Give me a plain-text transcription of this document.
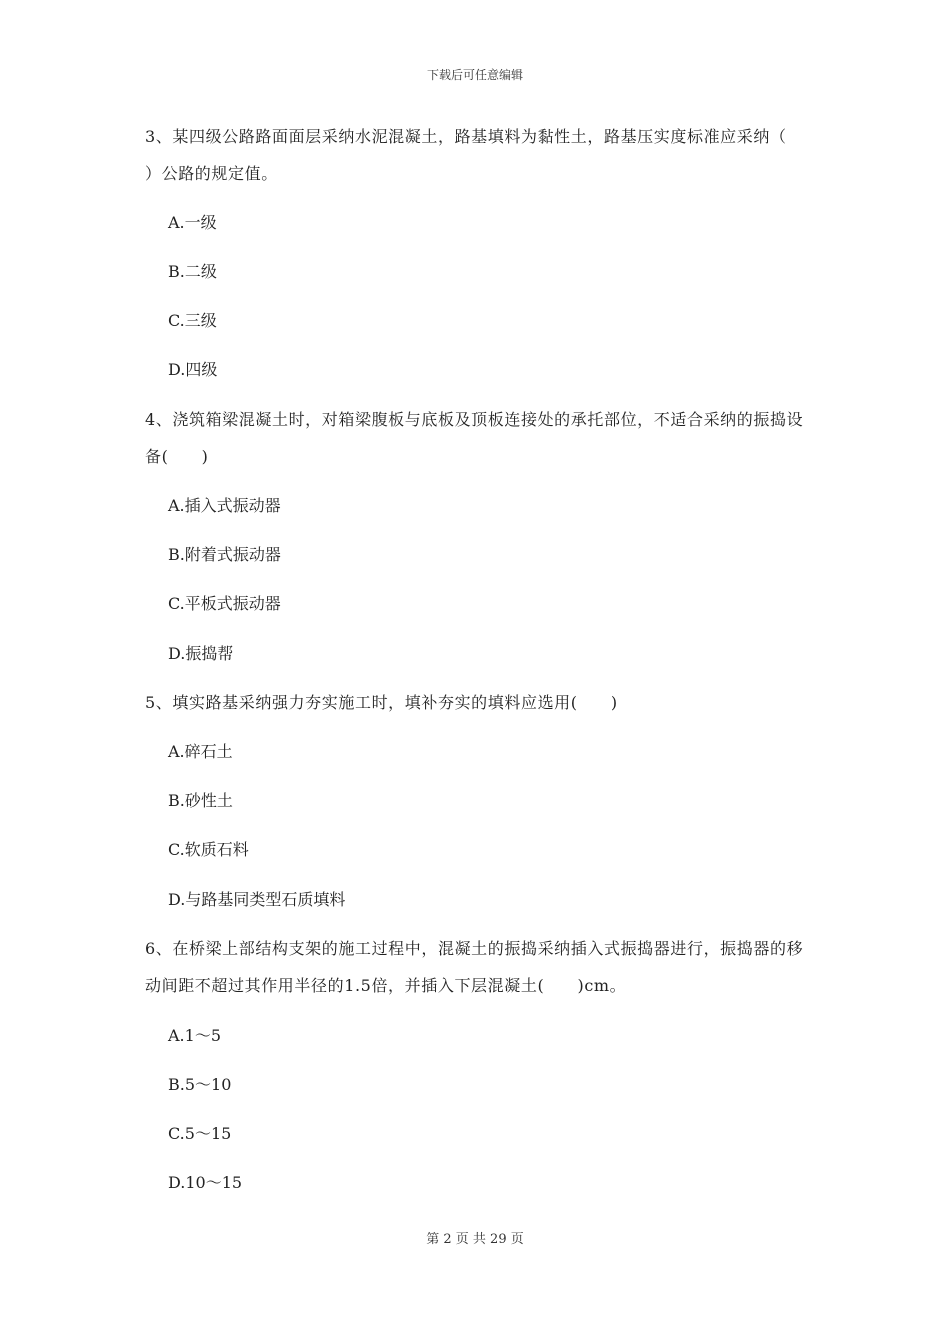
下载后可任意编辑
3、某四级公路路面面层采纳水泥混凝土，路基填料为黏性土，路基压实度标准应采纳（
）公路的规定值。
A.一级
B.二级
C.三级
D.四级
4、浇筑箱梁混凝土时，对箱梁腹板与底板及顶板连接处的承托部位，不适合采纳的振捣设
备(　　)
A.插入式振动器
B.附着式振动器
C.平板式振动器
D.振捣帮
5、填实路基采纳强力夯实施工时，填补夯实的填料应选用(　　)
A.碎石土
B.砂性土
C.软质石料
D.与路基同类型石质填料
6、在桥梁上部结构支架的施工过程中，混凝土的振捣采纳插入式振捣器进行，振捣器的移
动间距不超过其作用半径的1.5倍，并插入下层混凝土(　　)cm。
A.1～5
B.5～10
C.5～15
D.10～15
第 2 页 共 29 页
